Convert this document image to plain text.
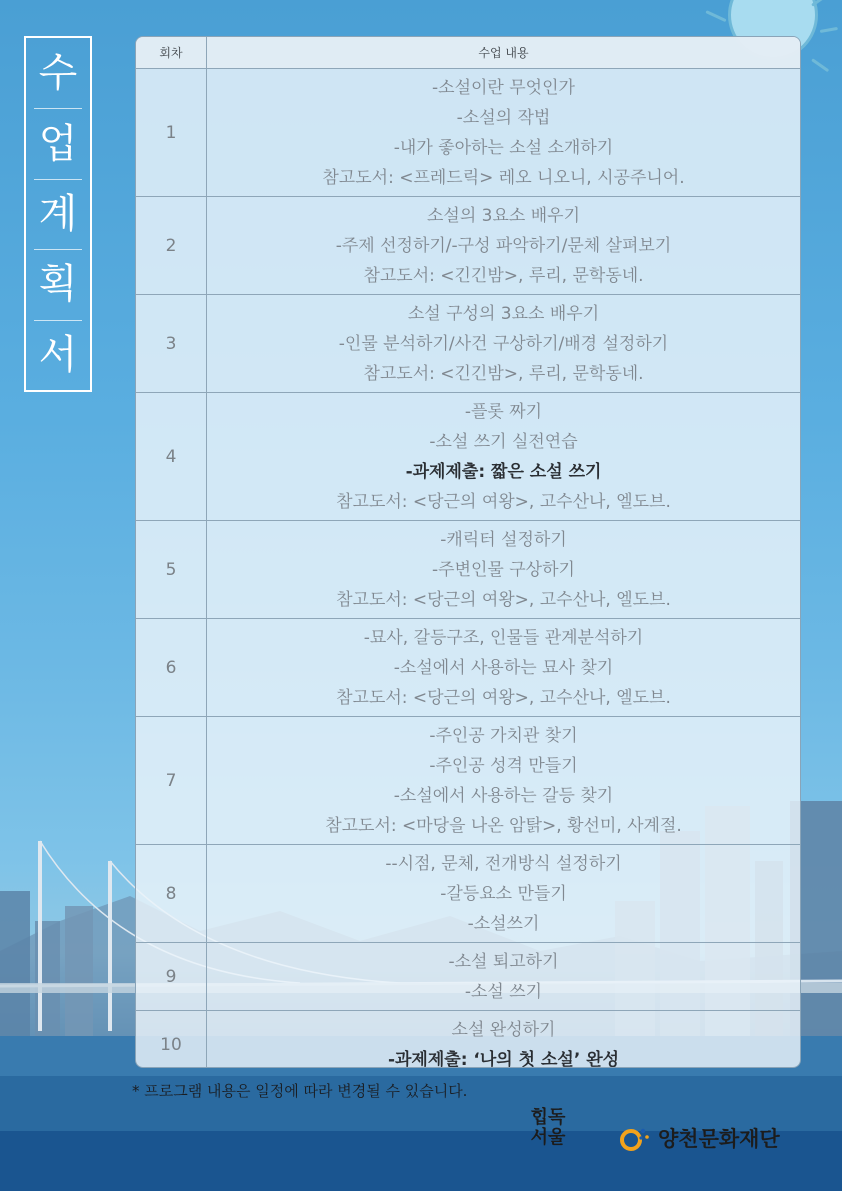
수
업
계
획
서
회차	수업 내용
1
-소설이란 무엇인가
-소설의 작법
-내가 좋아하는 소설 소개하기
참고도서: <프레드릭> 레오 니오니, 시공주니어.
2
소설의 3요소 배우기
-주제 선정하기/-구성 파악하기/문체 살펴보기
참고도서: <긴긴밤>, 루리, 문학동네.
3
소설 구성의 3요소 배우기
-인물 분석하기/사건 구상하기/배경 설정하기
참고도서: <긴긴밤>, 루리, 문학동네.
4
-플롯 짜기
-소설 쓰기 실전연습
-과제제출: 짧은 소설 쓰기
참고도서: <당근의 여왕>, 고수산나, 엘도브.
5
-캐릭터 설정하기
-주변인물 구상하기
참고도서: <당근의 여왕>, 고수산나, 엘도브.
6
-묘사, 갈등구조, 인물들 관계분석하기
-소설에서 사용하는 묘사 찾기
참고도서: <당근의 여왕>, 고수산나, 엘도브.
7
-주인공 가치관 찾기
-주인공 성격 만들기
-소설에서 사용하는 갈등 찾기
참고도서: <마당을 나온 암탉>, 황선미, 사계절.
8
--시점, 문체, 전개방식 설정하기
-갈등요소 만들기
-소설쓰기
9
-소설 퇴고하기
-소설 쓰기
10
소설 완성하기
-과제제출: ‘나의 첫 소설’ 완성
* 프로그램 내용은 일정에 따라 변경될 수 있습니다.
힙독
서울	양천문화재단
